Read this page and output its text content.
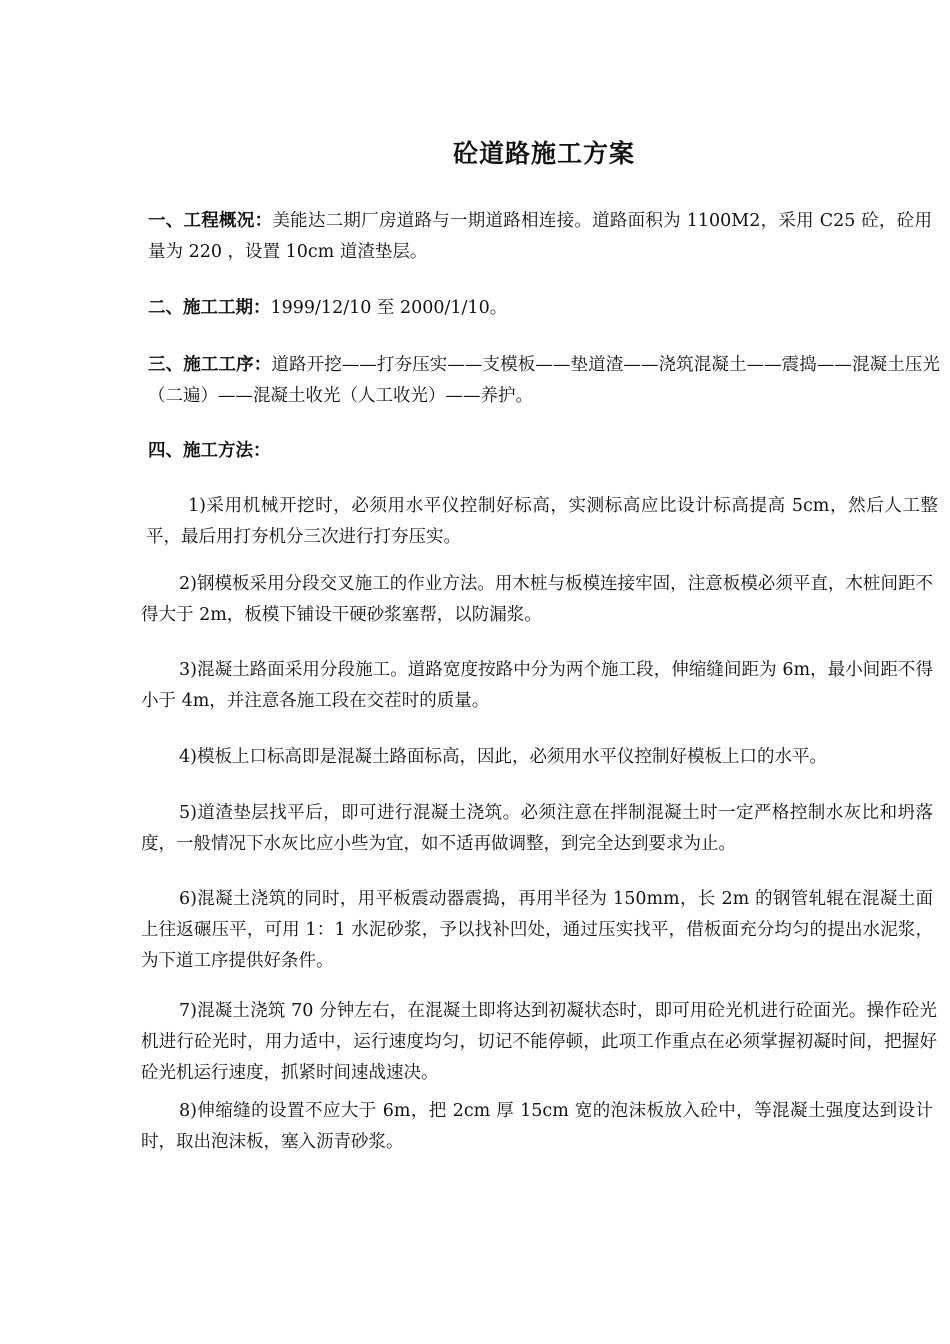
砼道路施工方案
一、工程概况：美能达二期厂房道路与一期道路相连接。道路面积为 1100M2，采用 C25 砼，砼用量为 220 ，设置 10cm 道渣垫层。
二、施工工期：1999/12/10 至 2000/1/10。
三、施工工序：道路开挖——打夯压实——支模板——垫道渣——浇筑混凝土——震捣——混凝土压光（二遍）——混凝土收光（人工收光）——养护。
四、施工方法：
1)采用机械开挖时，必须用水平仪控制好标高，实测标高应比设计标高提高 5cm，然后人工整平，最后用打夯机分三次进行打夯压实。
2)钢模板采用分段交叉施工的作业方法。用木桩与板模连接牢固，注意板模必须平直，木桩间距不得大于 2m，板模下铺设干硬砂浆塞帮，以防漏浆。
3)混凝土路面采用分段施工。道路宽度按路中分为两个施工段，伸缩缝间距为 6m，最小间距不得小于 4m，并注意各施工段在交茬时的质量。
4)模板上口标高即是混凝土路面标高，因此，必须用水平仪控制好模板上口的水平。
5)道渣垫层找平后，即可进行混凝土浇筑。必须注意在拌制混凝土时一定严格控制水灰比和坍落度，一般情况下水灰比应小些为宜，如不适再做调整，到完全达到要求为止。
6)混凝土浇筑的同时，用平板震动器震捣，再用半径为 150mm，长 2m 的钢管轧辊在混凝土面上往返碾压平，可用 1：1 水泥砂浆，予以找补凹处，通过压实找平，借板面充分均匀的提出水泥浆，为下道工序提供好条件。
7)混凝土浇筑 70 分钟左右，在混凝土即将达到初凝状态时，即可用砼光机进行砼面光。操作砼光机进行砼光时，用力适中，运行速度均匀，切记不能停顿，此项工作重点在必须掌握初凝时间，把握好砼光机运行速度，抓紧时间速战速决。
8)伸缩缝的设置不应大于 6m，把 2cm 厚 15cm 宽的泡沫板放入砼中，等混凝土强度达到设计时，取出泡沫板，塞入沥青砂浆。
